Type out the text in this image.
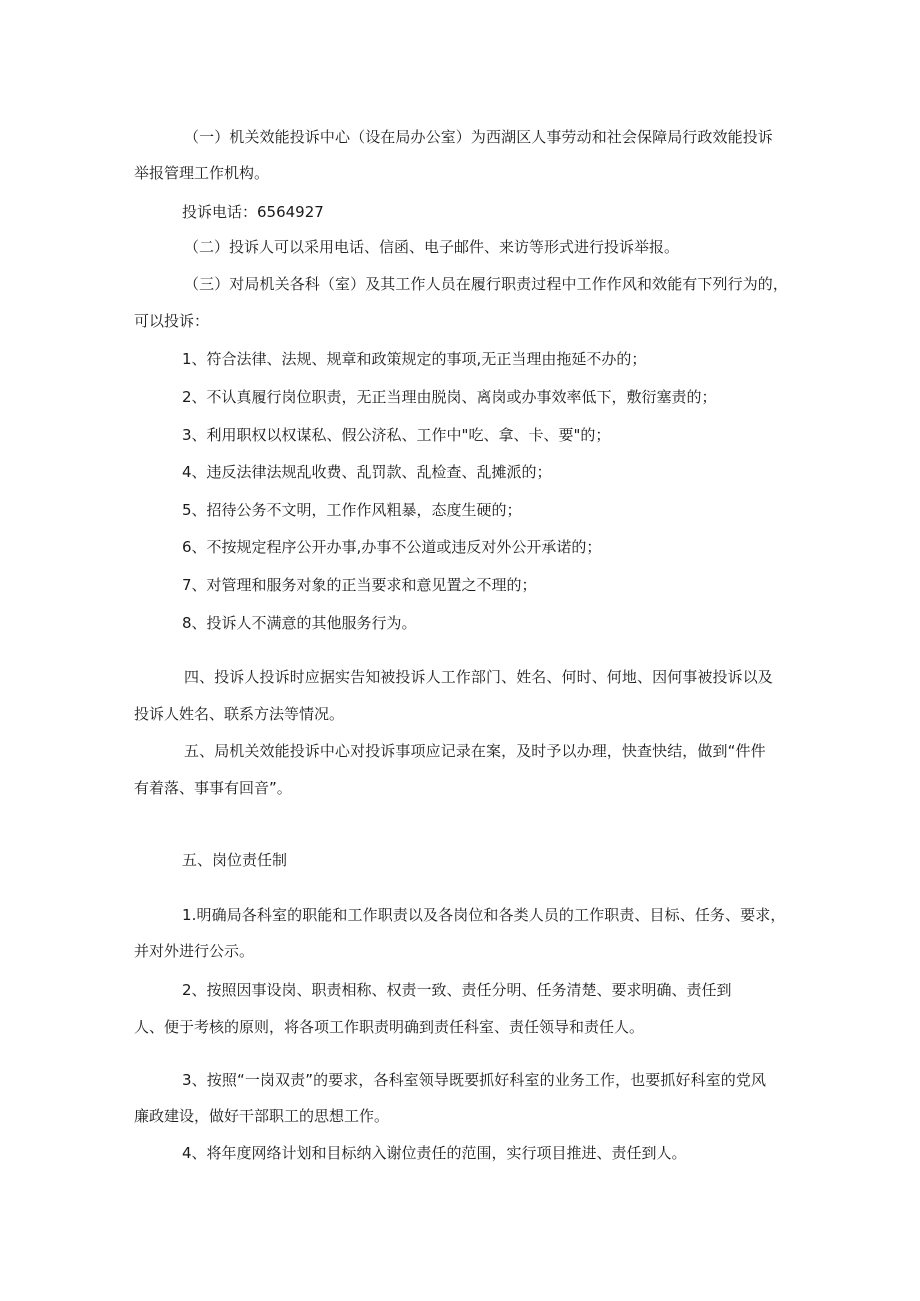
（一）机关效能投诉中心（设在局办公室）为西湖区人事劳动和社会保障局行政效能投诉
举报管理工作机构。
投诉电话：6564927
（二）投诉人可以采用电话、信函、电子邮件、来访等形式进行投诉举报。
（三）对局机关各科（室）及其工作人员在履行职责过程中工作作风和效能有下列行为的，
可以投诉：
1、符合法律、法规、规章和政策规定的事项,无正当理由拖延不办的；
2、不认真履行岗位职责，无正当理由脱岗、离岗或办事效率低下，敷衍塞责的；
3、利用职权以权谋私、假公济私、工作中"吃、拿、卡、要"的；
4、违反法律法规乱收费、乱罚款、乱检查、乱摊派的；
5、招待公务不文明，工作作风粗暴，态度生硬的；
6、不按规定程序公开办事,办事不公道或违反对外公开承诺的；
7、对管理和服务对象的正当要求和意见置之不理的；
8、投诉人不满意的其他服务行为。
四、投诉人投诉时应据实告知被投诉人工作部门、姓名、何时、何地、因何事被投诉以及
投诉人姓名、联系方法等情况。
五、局机关效能投诉中心对投诉事项应记录在案，及时予以办理，快查快结，做到“件件
有着落、事事有回音”。
五、岗位责任制
1.明确局各科室的职能和工作职责以及各岗位和各类人员的工作职责、目标、任务、要求，
并对外进行公示。
2、按照因事设岗、职责相称、权责一致、责任分明、任务清楚、要求明确、责任到
人、便于考核的原则，将各项工作职责明确到责任科室、责任领导和责任人。
3、按照“一岗双责”的要求，各科室领导既要抓好科室的业务工作，也要抓好科室的党风
廉政建设，做好干部职工的思想工作。
4、将年度网络计划和目标纳入谢位责任的范围，实行项目推进、责任到人。
